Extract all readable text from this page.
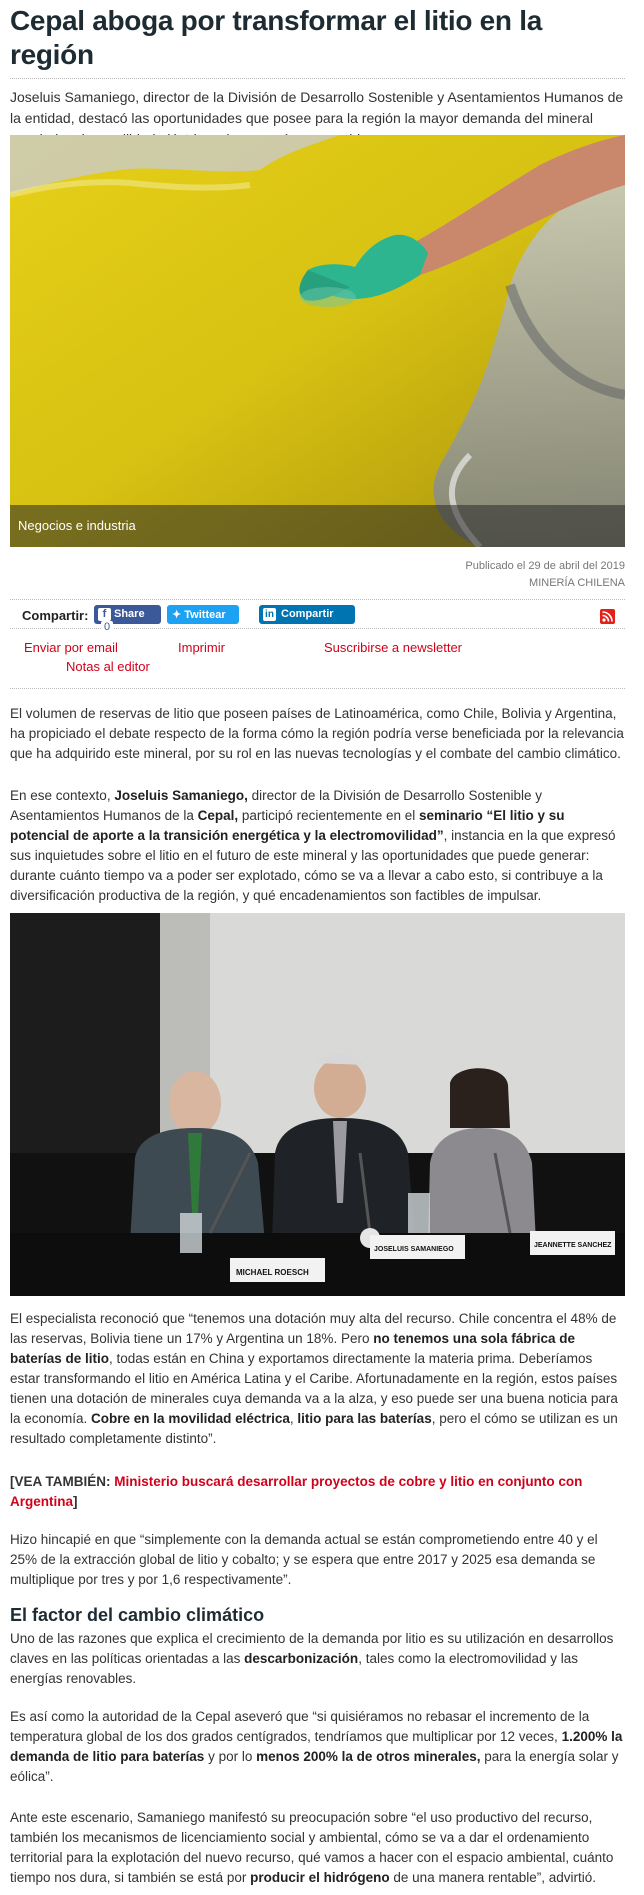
Cepal aboga por transformar el litio en la región

Joseluis Samaniego, director de la División de Desarrollo Sostenible y Asentamientos Humanos de la entidad, destacó las oportunidades que posee para la región la mayor demanda del mineral

Negocios e industria
Publicado el 29 de abril del 2019
MINERÍA CHILENA
Compartir:	f Share0
✦ Twittear	in Compartir
Enviar por email	Imprimir	Suscribirse a newsletter
Notas al editor

El volumen de reservas de litio que poseen países de Latinoamérica, como Chile, Bolivia y Argentina, ha propiciado el debate respecto de la forma cómo la región podría verse beneficiada por la relevancia que ha adquirido este mineral, por su rol en las nuevas tecnologías y el combate del cambio climático.

En ese contexto, Joseluis Samaniego, director de la División de Desarrollo Sostenible y Asentamientos Humanos de la Cepal, participó recientemente en el seminario “El litio y su potencial de aporte a la transición energética y la electromovilidad”, instancia en la que expresó sus inquietudes sobre el litio en el futuro de este mineral y las oportunidades que puede generar: durante cuánto tiempo va a poder ser explotado, cómo se va a llevar a cabo esto, si contribuye a la diversificación productiva de la región, y qué encadenamientos son factibles de impulsar.

MICHAEL ROESCH
JOSELUIS SAMANIEGO
JEANNETTE SANCHEZ

El especialista reconoció que “tenemos una dotación muy alta del recurso. Chile concentra el 48% de las reservas, Bolivia tiene un 17% y Argentina un 18%. Pero no tenemos una sola fábrica de baterías de litio, todas están en China y exportamos directamente la materia prima. Deberíamos estar transformando el litio en América Latina y el Caribe. Afortunadamente en la región, estos países tienen una dotación de minerales cuya demanda va a la alza, y eso puede ser una buena noticia para la economía. Cobre en la movilidad eléctrica, litio para las baterías, pero el cómo se utilizan es un resultado completamente distinto”.

[VEA TAMBIÉN: Ministerio buscará desarrollar proyectos de cobre y litio en conjunto con Argentina]

Hizo hincapié en que “simplemente con la demanda actual se están comprometiendo entre 40 y el 25% de la extracción global de litio y cobalto; y se espera que entre 2017 y 2025 esa demanda se multiplique por tres y por 1,6 respectivamente”.

El factor del cambio climático

Uno de las razones que explica el crecimiento de la demanda por litio es su utilización en desarrollos claves en las políticas orientadas a las descarbonización, tales como la electromovilidad y las energías renovables.

Es así como la autoridad de la Cepal aseveró que “si quisiéramos no rebasar el incremento de la temperatura global de los dos grados centígrados, tendríamos que multiplicar por 12 veces, 1.200% la demanda de litio para baterías y por lo menos 200% la de otros minerales, para la energía solar y eólica”.

Ante este escenario, Samaniego manifestó su preocupación sobre “el uso productivo del recurso, también los mecanismos de licenciamiento social y ambiental, cómo se va a dar el ordenamiento territorial para la explotación del nuevo recurso, qué vamos a hacer con el espacio ambiental, cuánto tiempo nos dura, si también se está por producir el hidrógeno de una manera rentable”, advirtió.
